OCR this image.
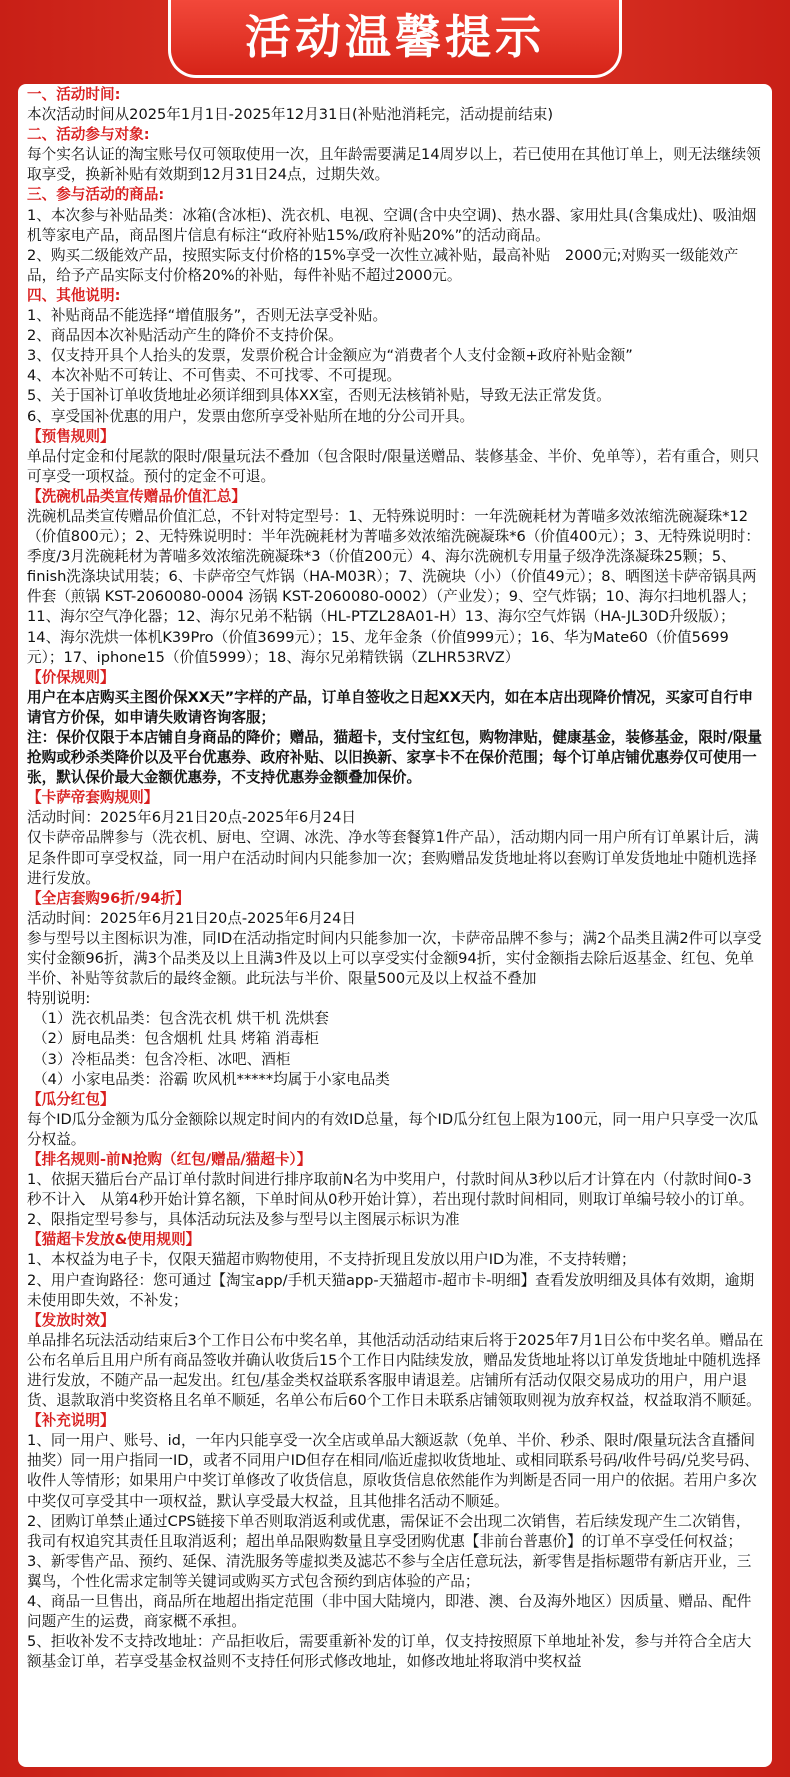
活动温馨提示

一、活动时间:

本次活动时间从2025年1月1日-2025年12月31日(补贴池消耗完，活动提前结束)

二、活动参与对象:

每个实名认证的淘宝账号仅可领取使用一次，且年龄需要满足14周岁以上，若已使用在其他订单上，则无法继续领取享受，换新补贴有效期到12月31日24点，过期失效。

三、参与活动的商品:

1、本次参与补贴品类：冰箱(含冰柜)、洗衣机、电视、空调(含中央空调)、热水器、家用灶具(含集成灶)、吸油烟机等家电产品，商品图片信息有标注“政府补贴15%/政府补贴20%”的活动商品。

2、购买二级能效产品，按照实际支付价格的15%享受一次性立减补贴，最高补贴　2000元;对购买一级能效产品，给予产品实际支付价格20%的补贴，每件补贴不超过2000元。

四、其他说明:

1、补贴商品不能选择“增值服务”，否则无法享受补贴。

2、商品因本次补贴活动产生的降价不支持价保。

3、仅支持开具个人抬头的发票，发票价税合计金额应为“消费者个人支付金额+政府补贴金额”

4、本次补贴不可转让、不可售卖、不可找零、不可提现。

5、关于国补订单收货地址必须详细到具体XX室，否则无法核销补贴，导致无法正常发货。

6、享受国补优惠的用户，发票由您所享受补贴所在地的分公司开具。

【预售规则】

单品付定金和付尾款的限时/限量玩法不叠加（包含限时/限量送赠品、装修基金、半价、免单等），若有重合，则只可享受一项权益。预付的定金不可退。

【洗碗机品类宣传赠品价值汇总】

洗碗机品类宣传赠品价值汇总，不针对特定型号：1、无特殊说明时：一年洗碗耗材为菁喵多效浓缩洗碗凝珠*12（价值800元）；2、无特殊说明时：半年洗碗耗材为菁喵多效浓缩洗碗凝珠*6（价值400元）；3、无特殊说明时：季度/3月洗碗耗材为菁喵多效浓缩洗碗凝珠*3（价值200元）4、海尔洗碗机专用量子级净洗涤凝珠25颗；5、finish洗涤块试用装；6、卡萨帝空气炸锅（HA-M03R）；7、洗碗块（小）（价值49元）；8、晒图送卡萨帝锅具两件套（煎锅 KST-2060080-0004 汤锅 KST-2060080-0002）（产业发）；9、空气炸锅；10、海尔扫地机器人；11、海尔空气净化器；12、海尔兄弟不粘锅（HL-PTZL28A01-H）13、海尔空气炸锅（HA-JL30D升级版）；14、海尔洗烘一体机K39Pro（价值3699元）；15、龙年金条（价值999元）；16、华为Mate60（价值5699元）；17、iphone15（价值5999）；18、海尔兄弟精铁锅（ZLHR53RVZ）

【价保规则】

用户在本店购买主图价保XX天”字样的产品，订单自签收之日起XX天内，如在本店出现降价情况，买家可自行申请官方价保，如申请失败请咨询客服；

注：保价仅限于本店铺自身商品的降价；赠品，猫超卡，支付宝红包，购物津贴，健康基金，装修基金，限时/限量抢购或秒杀类降价以及平台优惠券、政府补贴、以旧换新、家享卡不在保价范围；每个订单店铺优惠券仅可使用一张，默认保价最大金额优惠券，不支持优惠券金额叠加保价。

【卡萨帝套购规则】

活动时间：2025年6月21日20点-2025年6月24日

仅卡萨帝品牌参与（洗衣机、厨电、空调、冰洗、净水等套餐算1件产品），活动期内同一用户所有订单累计后，满足条件即可享受权益，同一用户在活动时间内只能参加一次；套购赠品发货地址将以套购订单发货地址中随机选择进行发放。

【全店套购96折/94折】

活动时间：2025年6月21日20点-2025年6月24日

参与型号以主图标识为准，同ID在活动指定时间内只能参加一次，卡萨帝品牌不参与；满2个品类且满2件可以享受实付金额96折，满3个品类及以上且满3件及以上可以享受实付金额94折，实付金额指去除后返基金、红包、免单半价、补贴等贫款后的最终金额。此玩法与半价、限量500元及以上权益不叠加

特别说明:

（1）洗衣机品类：包含洗衣机 烘干机 洗烘套

（2）厨电品类：包含烟机 灶具 烤箱 消毒柜

（3）冷柜品类：包含冷柜、冰吧、酒柜

（4）小家电品类：浴霸 吹风机*****均属于小家电品类

【瓜分红包】

每个ID瓜分金额为瓜分金额除以规定时间内的有效ID总量，每个ID瓜分红包上限为100元，同一用户只享受一次瓜分权益。

【排名规则-前N抢购（红包/赠品/猫超卡）】

1、依据天猫后台产品订单付款时间进行排序取前N名为中奖用户，付款时间从3秒以后才计算在内（付款时间0-3秒不计入　从第4秒开始计算名额，下单时间从0秒开始计算），若出现付款时间相同，则取订单编号较小的订单。

2、限指定型号参与，具体活动玩法及参与型号以主图展示标识为准

【猫超卡发放&使用规则】

1、本权益为电子卡，仅限天猫超市购物使用，不支持折现且发放以用户ID为准，不支持转赠；

2、用户查询路径：您可通过【淘宝app/手机天猫app-天猫超市-超市卡-明细】查看发放明细及具体有效期，逾期未使用即失效，不补发；

【发放时效】

单品排名玩法活动结束后3个工作日公布中奖名单，其他活动活动结束后将于2025年7月1日公布中奖名单。赠品在公布名单后且用户所有商品签收并确认收货后15个工作日内陆续发放，赠品发货地址将以订单发货地址中随机选择进行发放，不随产品一起发出。红包/基金类权益联系客服申请退差。店铺所有活动仅限交易成功的用户，用户退货、退款取消中奖资格且名单不顺延，名单公布后60个工作日未联系店铺领取则视为放弃权益，权益取消不顺延。

【补充说明】

1、同一用户、账号、id，一年内只能享受一次全店或单品大额返款（免单、半价、秒杀、限时/限量玩法含直播间抽奖）同一用户指同一ID，或者不同用户ID但存在相同/临近虚拟收货地址、或相同联系号码/收件号码/兑奖号码、收件人等情形；如果用户中奖订单修改了收货信息，原收货信息依然能作为判断是否同一用户的依据。若用户多次中奖仅可享受其中一项权益，默认享受最大权益，且其他排名活动不顺延。

2、团购订单禁止通过CPS链接下单否则取消返利或优惠，需保证不会出现二次销售，若后续发现产生二次销售，我司有权追究其责任且取消返利；超出单品限购数量且享受团购优惠【非前台普惠价】的订单不享受任何权益；

3、新零售产品、预约、延保、清洗服务等虚拟类及滤芯不参与全店任意玩法，新零售是指标题带有新店开业，三翼鸟，个性化需求定制等关键词或购买方式包含预约到店体验的产品；

4、商品一旦售出，商品所在地超出指定范围（非中国大陆境内，即港、澳、台及海外地区）因质量、赠品、配件问题产生的运费，商家概不承担。

5、拒收补发不支持改地址：产品拒收后，需要重新补发的订单，仅支持按照原下单地址补发，参与并符合全店大额基金订单，若享受基金权益则不支持任何形式修改地址，如修改地址将取消中奖权益
